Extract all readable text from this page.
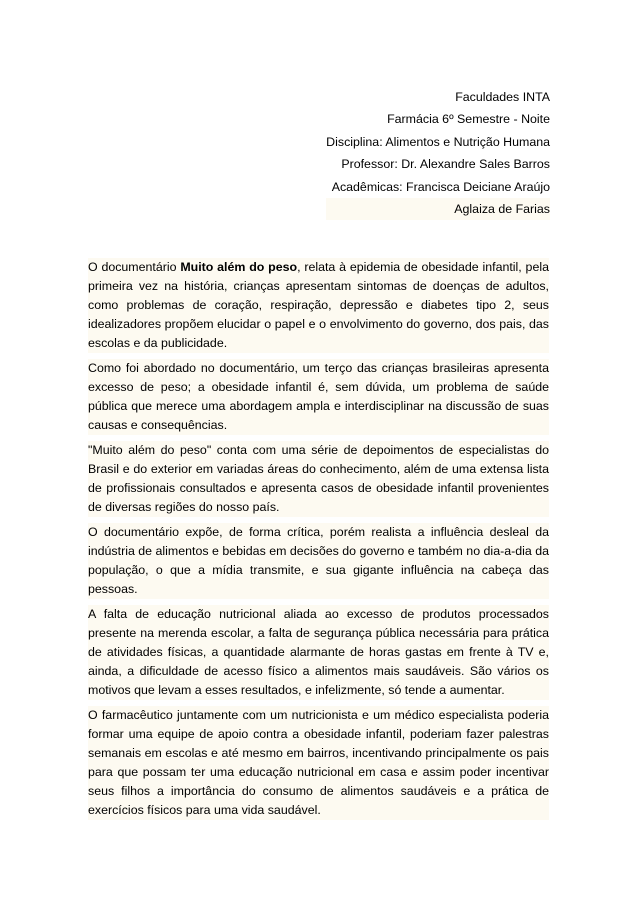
Faculdades INTA
Farmácia 6º Semestre - Noite
Disciplina: Alimentos e Nutrição Humana
Professor: Dr. Alexandre Sales Barros
Acadêmicas: Francisca Deiciane Araújo
Aglaiza de Farias

O documentário Muito além do peso, relata à epidemia de obesidade infantil, pela primeira vez na história, crianças apresentam sintomas de doenças de adultos, como problemas de coração, respiração, depressão e diabetes tipo 2, seus idealizadores propõem elucidar o papel e o envolvimento do governo, dos pais, das escolas e da publicidade.

Como foi abordado no documentário, um terço das crianças brasileiras apresenta excesso de peso; a obesidade infantil é, sem dúvida, um problema de saúde pública que merece uma abordagem ampla e interdisciplinar na discussão de suas causas e consequências.

"Muito além do peso" conta com uma série de depoimentos de especialistas do Brasil e do exterior em variadas áreas do conhecimento, além de uma extensa lista de profissionais consultados e apresenta casos de obesidade infantil provenientes de diversas regiões do nosso país.

O documentário expõe, de forma crítica, porém realista a influência desleal da indústria de alimentos e bebidas em decisões do governo e também no dia-a-dia da população, o que a mídia transmite, e sua gigante influência na cabeça das pessoas.

A falta de educação nutricional aliada ao excesso de produtos processados presente na merenda escolar, a falta de segurança pública necessária para prática de atividades físicas, a quantidade alarmante de horas gastas em frente à TV e, ainda, a dificuldade de acesso físico a alimentos mais saudáveis. São vários os motivos que levam a esses resultados, e infelizmente, só tende a aumentar.

O farmacêutico juntamente com um nutricionista e um médico especialista poderia formar uma equipe de apoio contra a obesidade infantil, poderiam fazer palestras semanais em escolas e até mesmo em bairros, incentivando principalmente os pais para que possam ter uma educação nutricional em casa e assim poder incentivar seus filhos a importância do consumo de alimentos saudáveis e a prática de exercícios físicos para uma vida saudável.
